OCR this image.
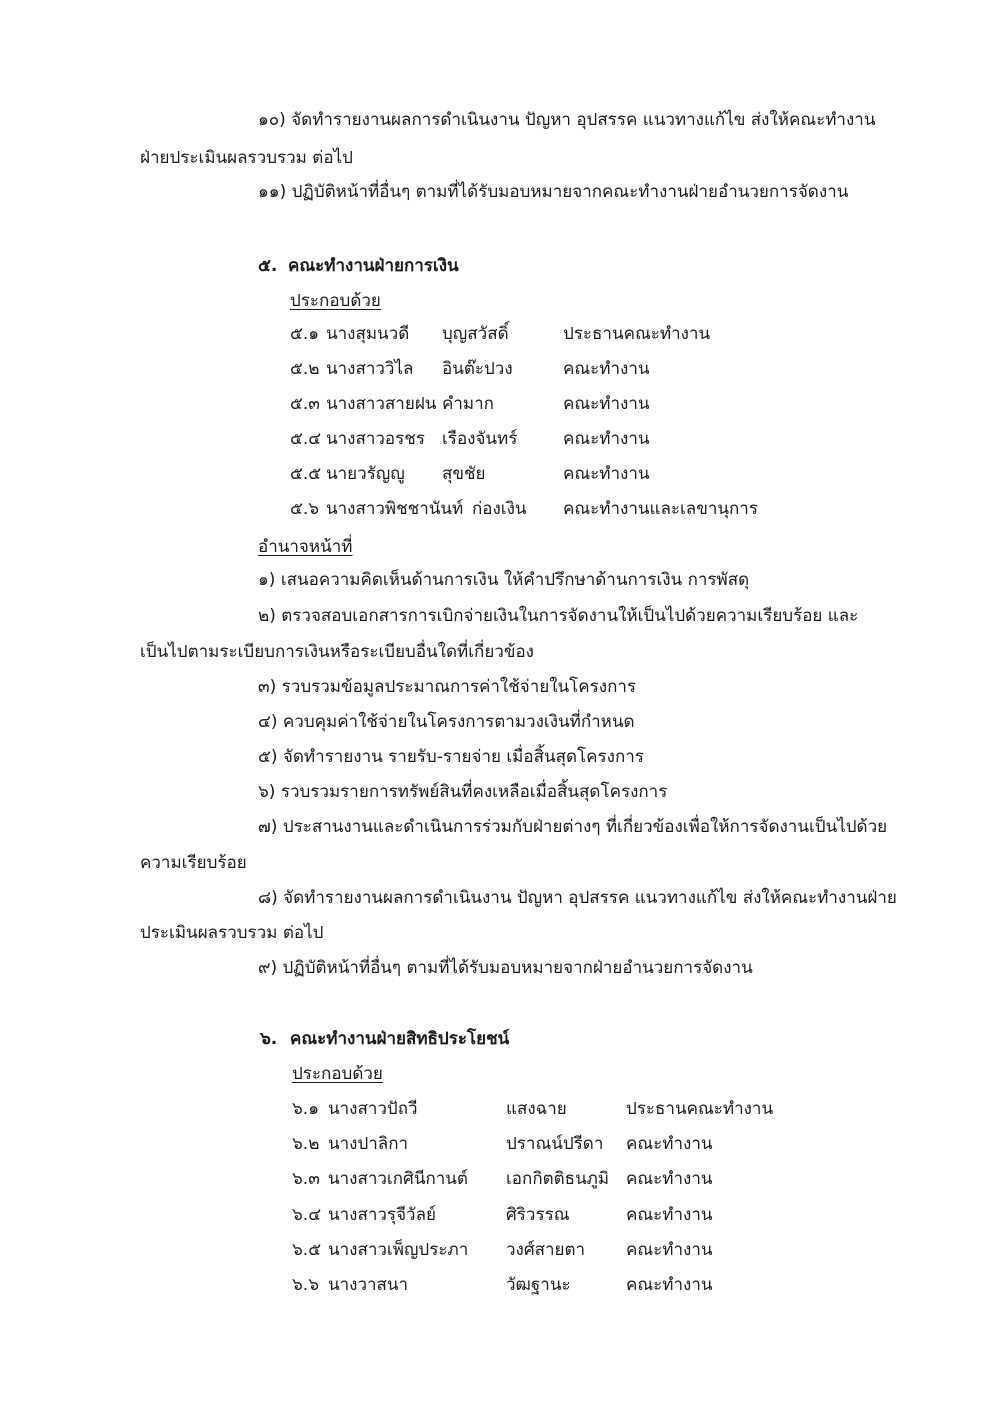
๑๐) จัดทำรายงานผลการดำเนินงาน ปัญหา อุปสรรค แนวทางแก้ไข ส่งให้คณะทำงาน
ฝ่ายประเมินผลรวบรวม ต่อไป
๑๑) ปฏิบัติหน้าที่อื่นๆ ตามที่ได้รับมอบหมายจากคณะทำงานฝ่ายอำนวยการจัดงาน
๕. คณะทำงานฝ่ายการเงิน
ประกอบด้วย
๕.๑ นางสุมนวดี บุญสวัสดิ์	ประธานคณะทำงาน
๕.๒ นางสาววิไล อินต๊ะปวง	คณะทำงาน
๕.๓ นางสาวสายฝน คำมาก	คณะทำงาน
๕.๔ นางสาวอรชร เรืองจันทร์	คณะทำงาน
๕.๕ นายวรัญญู สุขชัย	คณะทำงาน
๕.๖ นางสาวพิชชานันท์ ก่องเงิน คณะทำงานและเลขานุการ
อำนาจหน้าที่
๑) เสนอความคิดเห็นด้านการเงิน ให้คำปรึกษาด้านการเงิน การพัสดุ
๒) ตรวจสอบเอกสารการเบิกจ่ายเงินในการจัดงานให้เป็นไปด้วยความเรียบร้อย และ
เป็นไปตามระเบียบการเงินหรือระเบียบอื่นใดที่เกี่ยวข้อง
๓) รวบรวมข้อมูลประมาณการค่าใช้จ่ายในโครงการ
๔) ควบคุมค่าใช้จ่ายในโครงการตามวงเงินที่กำหนด
๕) จัดทำรายงาน รายรับ-รายจ่าย เมื่อสิ้นสุดโครงการ
๖) รวบรวมรายการทรัพย์สินที่คงเหลือเมื่อสิ้นสุดโครงการ
๗) ประสานงานและดำเนินการร่วมกับฝ่ายต่างๆ ที่เกี่ยวข้องเพื่อให้การจัดงานเป็นไปด้วย
ความเรียบร้อย
๘) จัดทำรายงานผลการดำเนินงาน ปัญหา อุปสรรค แนวทางแก้ไข ส่งให้คณะทำงานฝ่าย
ประเมินผลรวบรวม ต่อไป
๙) ปฏิบัติหน้าที่อื่นๆ ตามที่ได้รับมอบหมายจากฝ่ายอำนวยการจัดงาน
๖. คณะทำงานฝ่ายสิทธิประโยชน์
ประกอบด้วย
๖.๑ นางสาวปัถวี	แสงฉาย	ประธานคณะทำงาน
๖.๒ นางปาลิกา	ปราณน์ปรีดา คณะทำงาน
๖.๓ นางสาวเกศินีกานต์ เอกกิตติธนภูมิ คณะทำงาน
๖.๔ นางสาวรุจีวัลย์	ศิริวรรณ	คณะทำงาน
๖.๕ นางสาวเพ็ญประภา วงศ์สายตา คณะทำงาน
๖.๖ นางวาสนา	วัฒฐานะ	คณะทำงาน
